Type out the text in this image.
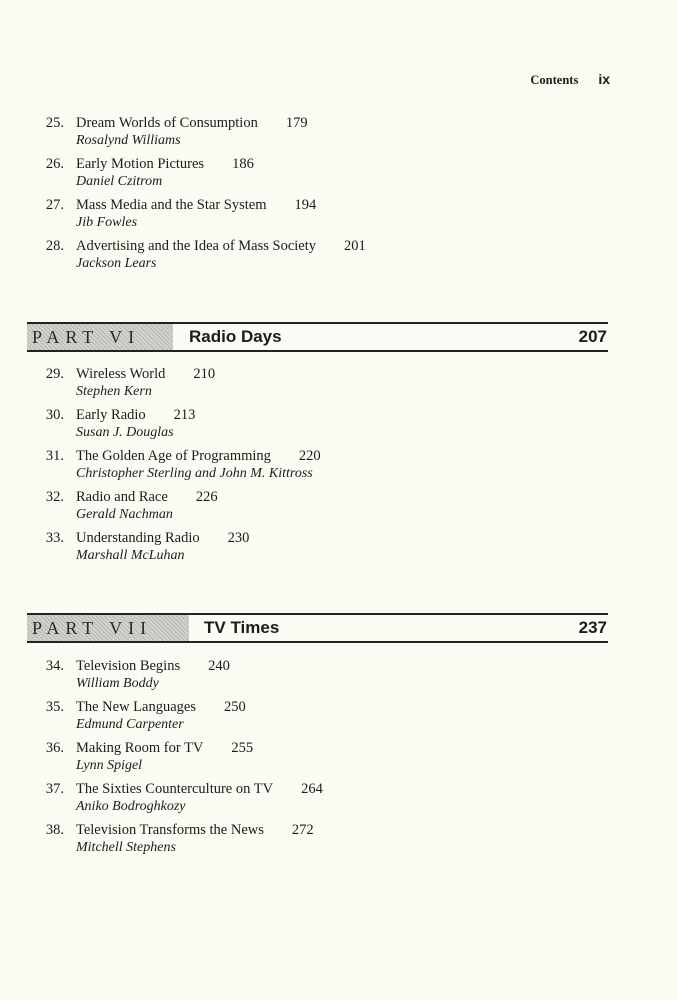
Contents ix
25. Dream Worlds of Consumption 179
Rosalynd Williams
26. Early Motion Pictures 186
Daniel Czitrom
27. Mass Media and the Star System 194
Jib Fowles
28. Advertising and the Idea of Mass Society 201
Jackson Lears
PART VI	Radio Days	207
29. Wireless World 210
Stephen Kern
30. Early Radio 213
Susan J. Douglas
31. The Golden Age of Programming 220
Christopher Sterling and John M. Kittross
32. Radio and Race 226
Gerald Nachman
33. Understanding Radio 230
Marshall McLuhan
PART VII	TV Times	237
34. Television Begins 240
William Boddy
35. The New Languages 250
Edmund Carpenter
36. Making Room for TV 255
Lynn Spigel
37. The Sixties Counterculture on TV 264
Aniko Bodroghkozy
38. Television Transforms the News 272
Mitchell Stephens
